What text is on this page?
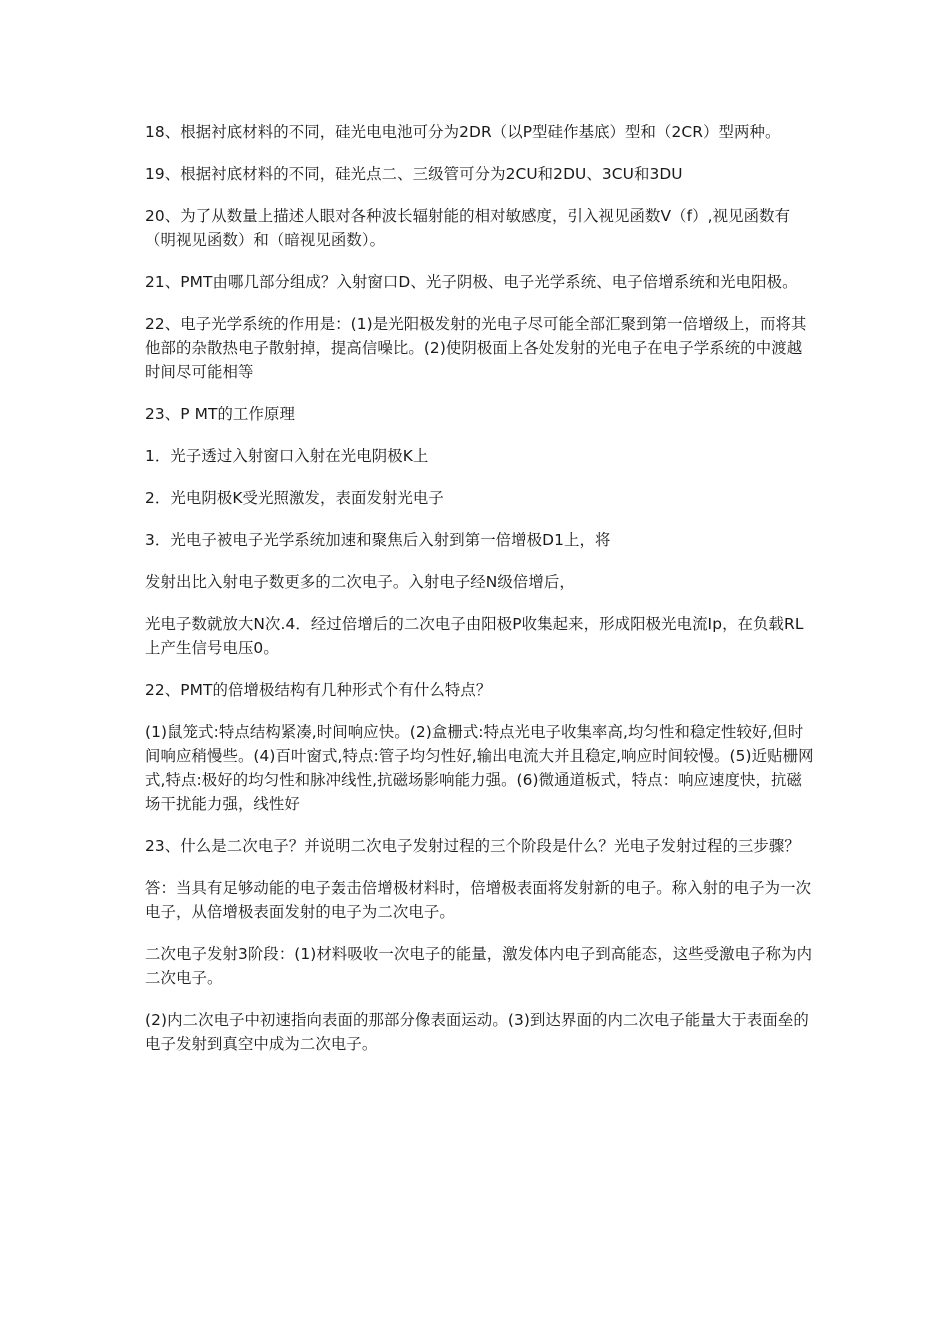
18、根据衬底材料的不同，硅光电电池可分为2DR（以P型硅作基底）型和（2CR）型两种。

19、根据衬底材料的不同，硅光点二、三级管可分为2CU和2DU、3CU和3DU

20、为了从数量上描述人眼对各种波长辐射能的相对敏感度，引入视见函数V（f）,视见函数有（明视见函数）和（暗视见函数）。

21、PMT由哪几部分组成？入射窗口D、光子阴极、电子光学系统、电子倍增系统和光电阳极。

22、电子光学系统的作用是：(1)是光阳极发射的光电子尽可能全部汇聚到第一倍增级上，而将其他部的杂散热电子散射掉，提高信噪比。(2)使阴极面上各处发射的光电子在电子学系统的中渡越时间尽可能相等

23、P MT的工作原理

1．光子透过入射窗口入射在光电阴极K上

2．光电阴极K受光照激发，表面发射光电子

3．光电子被电子光学系统加速和聚焦后入射到第一倍增极D1上，将

发射出比入射电子数更多的二次电子。入射电子经N级倍增后，

光电子数就放大N次.4．经过倍增后的二次电子由阳极P收集起来，形成阳极光电流Ip，在负载RL上产生信号电压0。

22、PMT的倍增极结构有几种形式个有什么特点？

(1)鼠笼式:特点结构紧凑,时间响应快。(2)盒栅式:特点光电子收集率高,均匀性和稳定性较好,但时间响应稍慢些。(4)百叶窗式,特点:管子均匀性好,输出电流大并且稳定,响应时间较慢。(5)近贴栅网式,特点:极好的均匀性和脉冲线性,抗磁场影响能力强。(6)微通道板式，特点：响应速度快，抗磁场干扰能力强，线性好

23、什么是二次电子？并说明二次电子发射过程的三个阶段是什么？光电子发射过程的三步骤？

答：当具有足够动能的电子轰击倍增极材料时，倍增极表面将发射新的电子。称入射的电子为一次电子，从倍增极表面发射的电子为二次电子。

二次电子发射3阶段：(1)材料吸收一次电子的能量，激发体内电子到高能态，这些受激电子称为内二次电子。

(2)内二次电子中初速指向表面的那部分像表面运动。(3)到达界面的内二次电子能量大于表面垒的电子发射到真空中成为二次电子。
